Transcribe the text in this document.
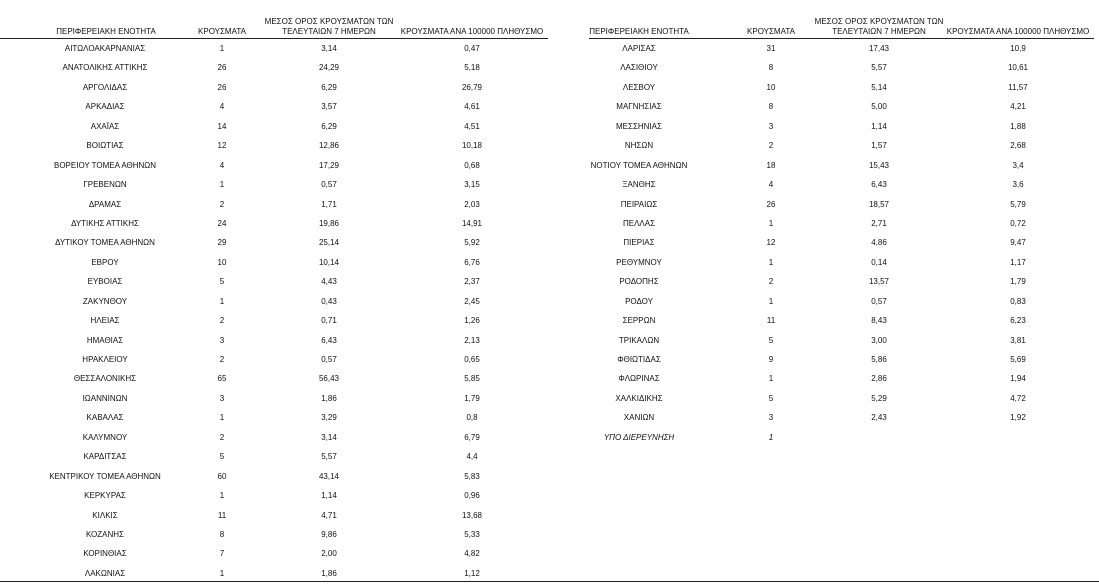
ΠΕΡΙΦΕΡΕΙΑΚΗ ΕΝΟΤΗΤΑ	ΚΡΟΥΣΜΑΤΑ
ΜΕΣΟΣ ΟΡΟΣ ΚΡΟΥΣΜΑΤΩΝ ΤΩΝ
ΤΕΛΕΥΤΑΙΩΝ 7 ΗΜΕΡΩΝ	ΚΡΟΥΣΜΑΤΑ ΑΝΑ 100000 ΠΛΗΘΥΣΜΟ
ΑΙΤΩΛΟΑΚΑΡΝΑΝΙΑΣ	1	3,14	0,47
ΑΝΑΤΟΛΙΚΗΣ ΑΤΤΙΚΗΣ	26	24,29	5,18
ΑΡΓΟΛΙΔΑΣ	26	6,29	26,79
ΑΡΚΑΔΙΑΣ	4	3,57	4,61
ΑΧΑΪΑΣ	14	6,29	4,51
ΒΟΙΩΤΙΑΣ	12	12,86	10,18
ΒΟΡΕΙΟΥ ΤΟΜΕΑ ΑΘΗΝΩΝ	4	17,29	0,68
ΓΡΕΒΕΝΩΝ	1	0,57	3,15
ΔΡΑΜΑΣ	2	1,71	2,03
ΔΥΤΙΚΗΣ ΑΤΤΙΚΗΣ	24	19,86	14,91
ΔΥΤΙΚΟΥ ΤΟΜΕΑ ΑΘΗΝΩΝ	29	25,14	5,92
ΕΒΡΟΥ	10	10,14	6,76
ΕΥΒΟΙΑΣ	5	4,43	2,37
ΖΑΚΥΝΘΟΥ	1	0,43	2,45
ΗΛΕΙΑΣ	2	0,71	1,26
ΗΜΑΘΙΑΣ	3	6,43	2,13
ΗΡΑΚΛΕΙΟΥ	2	0,57	0,65
ΘΕΣΣΑΛΟΝΙΚΗΣ	65	56,43	5,85
ΙΩΑΝΝΙΝΩΝ	3	1,86	1,79
ΚΑΒΑΛΑΣ	1	3,29	0,8
ΚΑΛΥΜΝΟΥ	2	3,14	6,79
ΚΑΡΔΙΤΣΑΣ	5	5,57	4,4
ΚΕΝΤΡΙΚΟΥ ΤΟΜΕΑ ΑΘΗΝΩΝ	60	43,14	5,83
ΚΕΡΚΥΡΑΣ	1	1,14	0,96
ΚΙΛΚΙΣ	11	4,71	13,68
ΚΟΖΑΝΗΣ	8	9,86	5,33
ΚΟΡΙΝΘΙΑΣ	7	2,00	4,82
ΛΑΚΩΝΙΑΣ	1	1,86	1,12
ΠΕΡΙΦΕΡΕΙΑΚΗ ΕΝΟΤΗΤΑ	ΚΡΟΥΣΜΑΤΑ
ΜΕΣΟΣ ΟΡΟΣ ΚΡΟΥΣΜΑΤΩΝ ΤΩΝ
ΤΕΛΕΥΤΑΙΩΝ 7 ΗΜΕΡΩΝ	ΚΡΟΥΣΜΑΤΑ ΑΝΑ 100000 ΠΛΗΘΥΣΜΟ
ΛΑΡΙΣΑΣ	31	17,43	10,9
ΛΑΣΙΘΙΟΥ	8	5,57	10,61
ΛΕΣΒΟΥ	10	5,14	11,57
ΜΑΓΝΗΣΙΑΣ	8	5,00	4,21
ΜΕΣΣΗΝΙΑΣ	3	1,14	1,88
ΝΗΣΩΝ	2	1,57	2,68
ΝΟΤΙΟΥ ΤΟΜΕΑ ΑΘΗΝΩΝ	18	15,43	3,4
ΞΑΝΘΗΣ	4	6,43	3,6
ΠΕΙΡΑΙΩΣ	26	18,57	5,79
ΠΕΛΛΑΣ	1	2,71	0,72
ΠΙΕΡΙΑΣ	12	4,86	9,47
ΡΕΘΥΜΝΟΥ	1	0,14	1,17
ΡΟΔΟΠΗΣ	2	13,57	1,79
ΡΟΔΟΥ	1	0,57	0,83
ΣΕΡΡΩΝ	11	8,43	6,23
ΤΡΙΚΑΛΩΝ	5	3,00	3,81
ΦΘΙΩΤΙΔΑΣ	9	5,86	5,69
ΦΛΩΡΙΝΑΣ	1	2,86	1,94
ΧΑΛΚΙΔΙΚΗΣ	5	5,29	4,72
ΧΑΝΙΩΝ	3	2,43	1,92
ΥΠΟ ΔΙΕΡΕΥΝΗΣΗ	1
